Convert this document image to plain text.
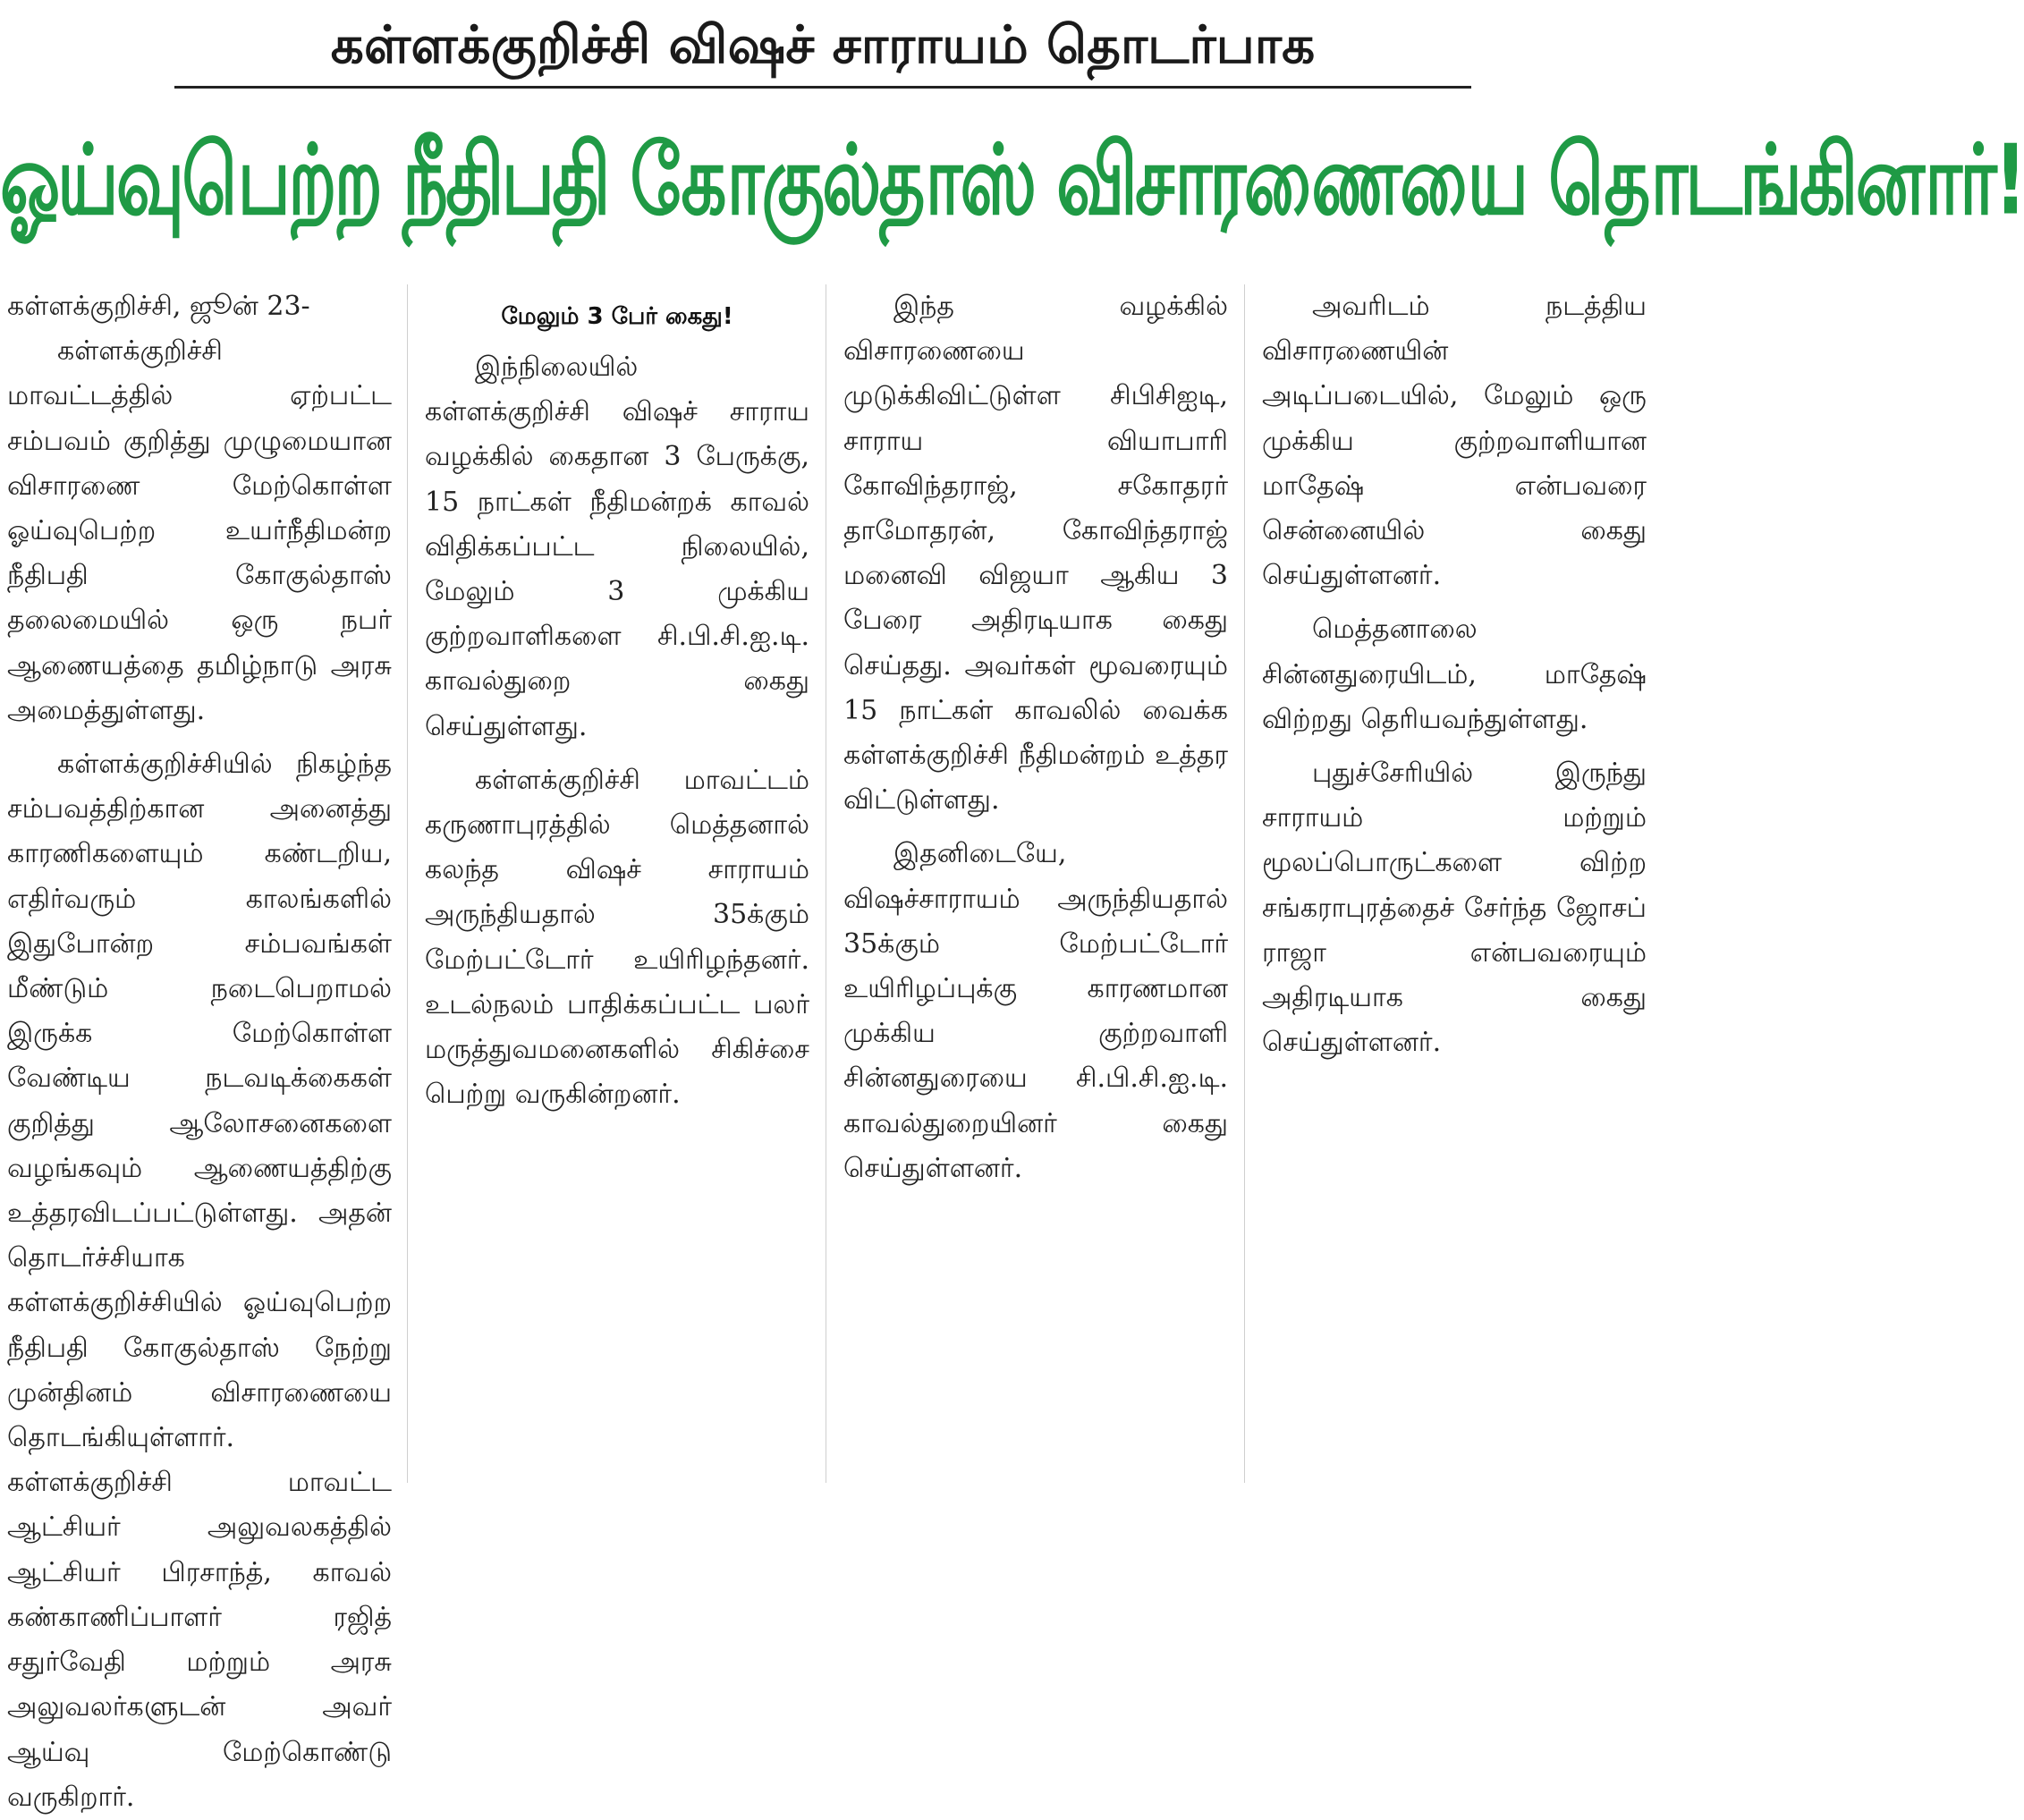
கள்ளக்குறிச்சி விஷச் சாராயம் தொடர்பாக
ஓய்வுபெற்ற நீதிபதி கோகுல்தாஸ் விசாரணையை தொடங்கினார்!

கள்ளக்குறிச்சி, ஜூன் 23-

கள்ளக்குறிச்சி மாவட்டத்தில் ஏற்பட்ட சம்பவம் குறித்து முழுமையான விசாரணை மேற்கொள்ள ஓய்வுபெற்ற உயர்நீதிமன்ற நீதிபதி கோகுல்தாஸ் தலைமையில் ஒரு நபர் ஆணையத்தை தமிழ்நாடு அரசு அமைத்துள்ளது.

கள்ளக்குறிச்சியில் நிகழ்ந்த சம்பவத்திற்கான அனைத்து காரணிகளையும் கண்டறிய, எதிர்வரும் காலங்களில் இதுபோன்ற சம்பவங்கள் மீண்டும் நடைபெறாமல் இருக்க மேற்கொள்ள வேண்டிய நடவடிக்கைகள் குறித்து ஆலோசனைகளை வழங்கவும் ஆணையத்திற்கு உத்தரவிடப்பட்டுள்ளது. அதன் தொடர்ச்சியாக கள்ளக்குறிச்சியில் ஓய்வுபெற்ற நீதிபதி கோகுல்தாஸ் நேற்று முன்தினம் விசாரணையை தொடங்கியுள்ளார். கள்ளக்குறிச்சி மாவட்ட ஆட்சியர் அலுவலகத்தில் ஆட்சியர் பிரசாந்த், காவல் கண்காணிப்பாளர் ரஜித் சதுர்வேதி மற்றும் அரசு அலுவலர்களுடன் அவர் ஆய்வு மேற்கொண்டு வருகிறார்.

மேலும் 3 பேர் கைது!

இந்நிலையில் கள்ளக்குறிச்சி விஷச் சாராய வழக்கில் கைதான 3 பேருக்கு, 15 நாட்கள் நீதிமன்றக் காவல் விதிக்கப்பட்ட நிலையில், மேலும் 3 முக்கிய குற்றவாளிகளை சி.பி.சி.ஐ.டி. காவல்துறை கைது செய்துள்ளது.

கள்ளக்குறிச்சி மாவட்டம் கருணாபுரத்தில் மெத்தனால் கலந்த விஷச் சாராயம் அருந்தியதால் 35க்கும் மேற்பட்டோர் உயிரிழந்தனர். உடல்நலம் பாதிக்கப்பட்ட பலர் மருத்துவமனைகளில் சிகிச்சை பெற்று வருகின்றனர்.

இந்த வழக்கில் விசாரணையை முடுக்கிவிட்டுள்ள சிபிசிஐடி, சாராய வியாபாரி கோவிந்தராஜ், சகோதரர் தாமோதரன், கோவிந்தராஜ் மனைவி விஜயா ஆகிய 3 பேரை அதிரடியாக கைது செய்தது. அவர்கள் மூவரையும் 15 நாட்கள் காவலில் வைக்க கள்ளக்குறிச்சி நீதிமன்றம் உத்தர விட்டுள்ளது.

இதனிடையே, விஷச்சாராயம் அருந்தியதால் 35க்கும் மேற்பட்டோர் உயிரிழப்புக்கு காரணமான முக்கிய குற்றவாளி சின்னதுரையை சி.பி.சி.ஐ.டி. காவல்துறையினர் கைது செய்துள்ளனர்.

அவரிடம் நடத்திய விசாரணையின் அடிப்படையில், மேலும் ஒரு முக்கிய குற்றவாளியான மாதேஷ் என்பவரை சென்னையில் கைது செய்துள்ளனர்.

மெத்தனாலை சின்னதுரையிடம், மாதேஷ் விற்றது தெரியவந்துள்ளது.

புதுச்சேரியில் இருந்து சாராயம் மற்றும் மூலப்பொருட்களை விற்ற சங்கராபுரத்தைச் சேர்ந்த ஜோசப் ராஜா என்பவரையும் அதிரடியாக கைது செய்துள்ளனர்.
